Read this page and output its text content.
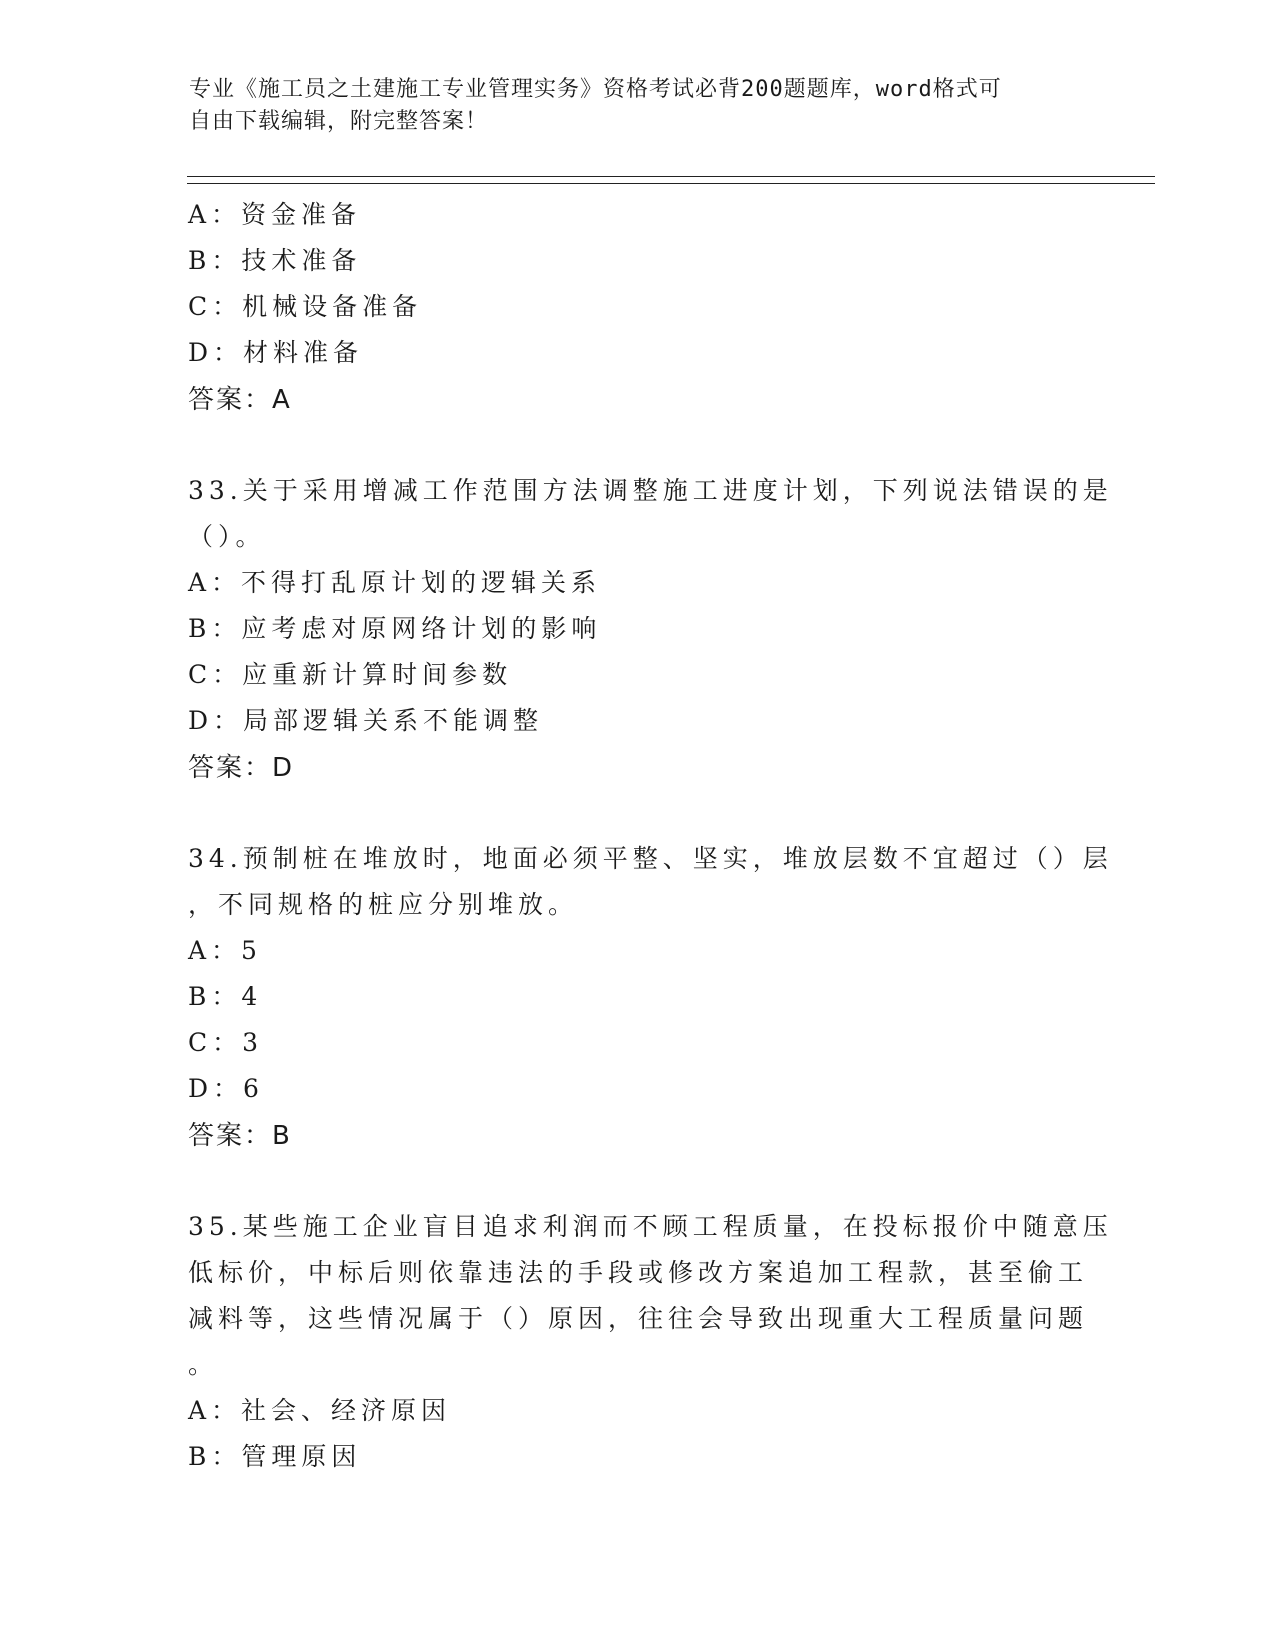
专业《施工员之土建施工专业管理实务》资格考试必背200题题库，word格式可
自由下载编辑，附完整答案！
A：资金准备
B：技术准备
C：机械设备准备
D：材料准备
答案：A
33.关于采用增减工作范围方法调整施工进度计划，下列说法错误的是
（）。
A：不得打乱原计划的逻辑关系
B：应考虑对原网络计划的影响
C：应重新计算时间参数
D：局部逻辑关系不能调整
答案：D
34.预制桩在堆放时，地面必须平整、坚实，堆放层数不宜超过（）层
，不同规格的桩应分别堆放。
A：5
B：4
C：3
D：6
答案：B
35.某些施工企业盲目追求利润而不顾工程质量，在投标报价中随意压
低标价，中标后则依靠违法的手段或修改方案追加工程款，甚至偷工
减料等，这些情况属于（）原因，往往会导致出现重大工程质量问题
。
A：社会、经济原因
B：管理原因
